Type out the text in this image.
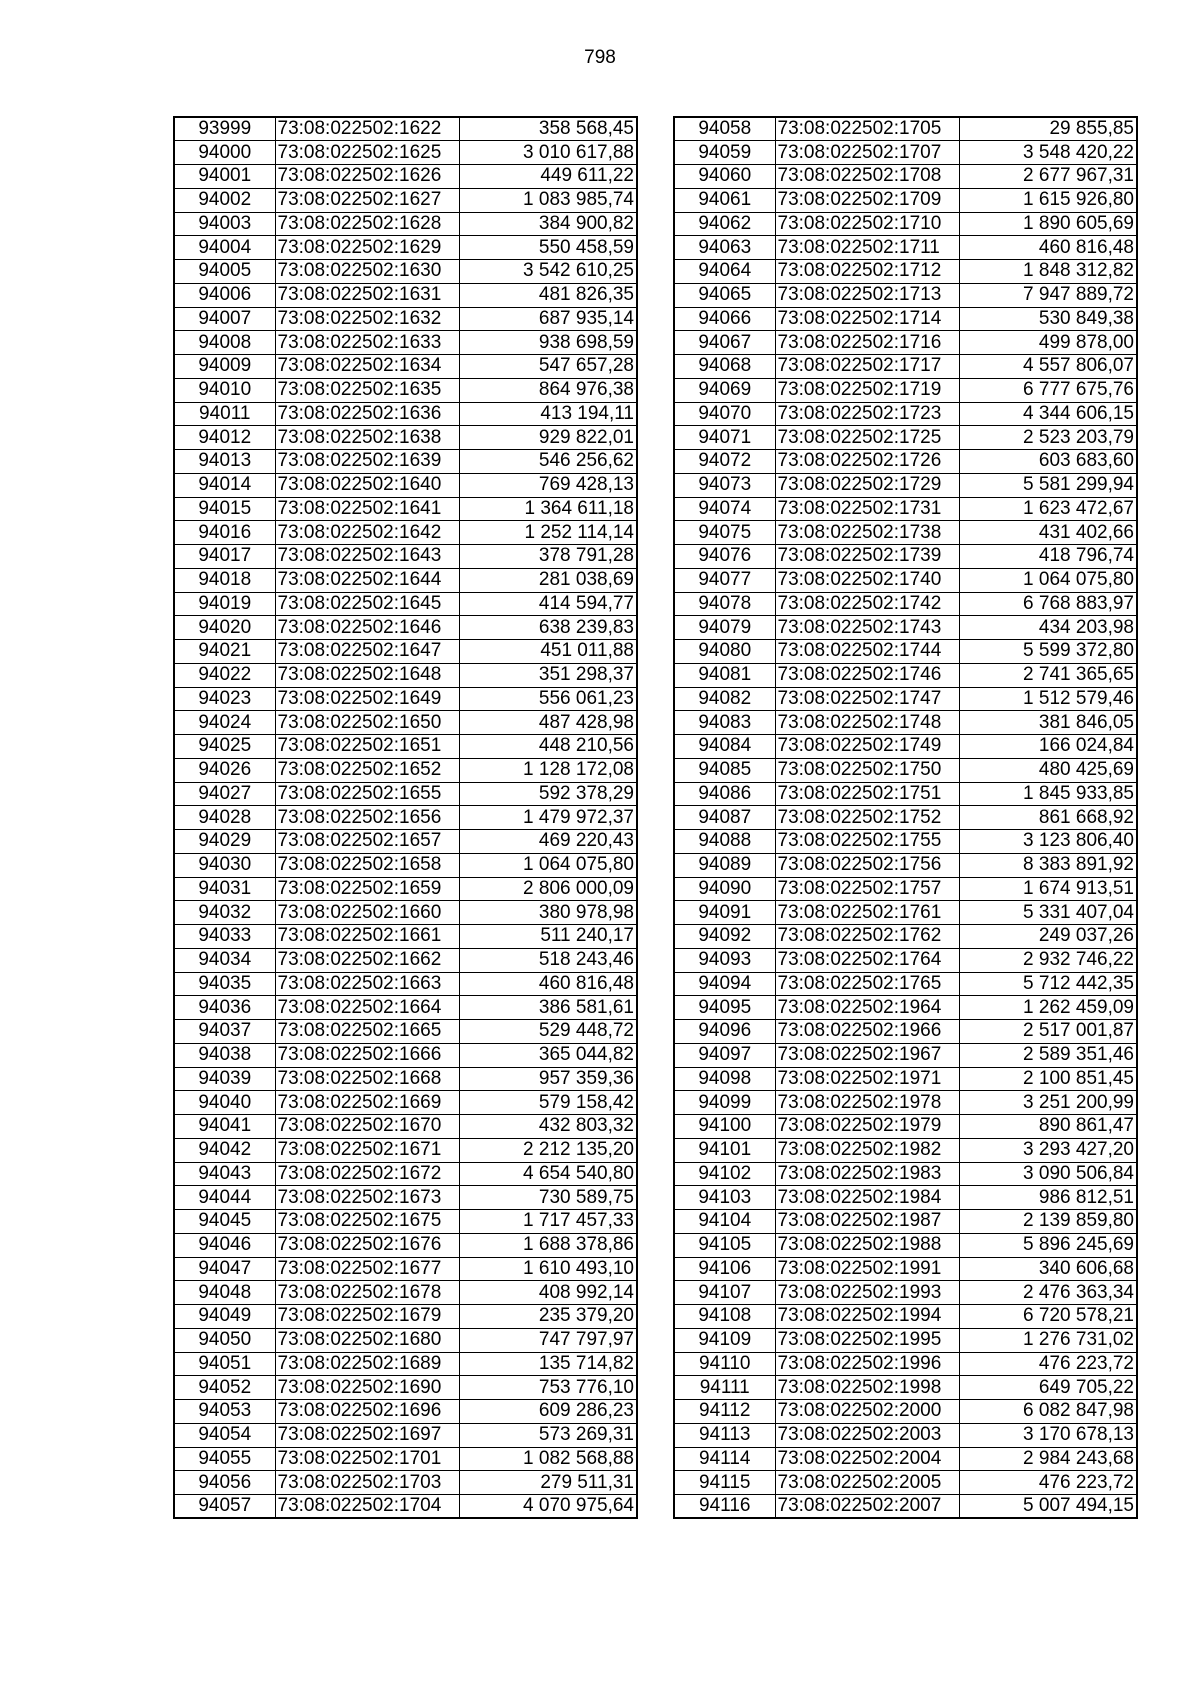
798
93999	73:08:022502:1622	358 568,45
94000	73:08:022502:1625	3 010 617,88
94001	73:08:022502:1626	449 611,22
94002	73:08:022502:1627	1 083 985,74
94003	73:08:022502:1628	384 900,82
94004	73:08:022502:1629	550 458,59
94005	73:08:022502:1630	3 542 610,25
94006	73:08:022502:1631	481 826,35
94007	73:08:022502:1632	687 935,14
94008	73:08:022502:1633	938 698,59
94009	73:08:022502:1634	547 657,28
94010	73:08:022502:1635	864 976,38
94011	73:08:022502:1636	413 194,11
94012	73:08:022502:1638	929 822,01
94013	73:08:022502:1639	546 256,62
94014	73:08:022502:1640	769 428,13
94015	73:08:022502:1641	1 364 611,18
94016	73:08:022502:1642	1 252 114,14
94017	73:08:022502:1643	378 791,28
94018	73:08:022502:1644	281 038,69
94019	73:08:022502:1645	414 594,77
94020	73:08:022502:1646	638 239,83
94021	73:08:022502:1647	451 011,88
94022	73:08:022502:1648	351 298,37
94023	73:08:022502:1649	556 061,23
94024	73:08:022502:1650	487 428,98
94025	73:08:022502:1651	448 210,56
94026	73:08:022502:1652	1 128 172,08
94027	73:08:022502:1655	592 378,29
94028	73:08:022502:1656	1 479 972,37
94029	73:08:022502:1657	469 220,43
94030	73:08:022502:1658	1 064 075,80
94031	73:08:022502:1659	2 806 000,09
94032	73:08:022502:1660	380 978,98
94033	73:08:022502:1661	511 240,17
94034	73:08:022502:1662	518 243,46
94035	73:08:022502:1663	460 816,48
94036	73:08:022502:1664	386 581,61
94037	73:08:022502:1665	529 448,72
94038	73:08:022502:1666	365 044,82
94039	73:08:022502:1668	957 359,36
94040	73:08:022502:1669	579 158,42
94041	73:08:022502:1670	432 803,32
94042	73:08:022502:1671	2 212 135,20
94043	73:08:022502:1672	4 654 540,80
94044	73:08:022502:1673	730 589,75
94045	73:08:022502:1675	1 717 457,33
94046	73:08:022502:1676	1 688 378,86
94047	73:08:022502:1677	1 610 493,10
94048	73:08:022502:1678	408 992,14
94049	73:08:022502:1679	235 379,20
94050	73:08:022502:1680	747 797,97
94051	73:08:022502:1689	135 714,82
94052	73:08:022502:1690	753 776,10
94053	73:08:022502:1696	609 286,23
94054	73:08:022502:1697	573 269,31
94055	73:08:022502:1701	1 082 568,88
94056	73:08:022502:1703	279 511,31
94057	73:08:022502:1704	4 070 975,64
94058	73:08:022502:1705	29 855,85
94059	73:08:022502:1707	3 548 420,22
94060	73:08:022502:1708	2 677 967,31
94061	73:08:022502:1709	1 615 926,80
94062	73:08:022502:1710	1 890 605,69
94063	73:08:022502:1711	460 816,48
94064	73:08:022502:1712	1 848 312,82
94065	73:08:022502:1713	7 947 889,72
94066	73:08:022502:1714	530 849,38
94067	73:08:022502:1716	499 878,00
94068	73:08:022502:1717	4 557 806,07
94069	73:08:022502:1719	6 777 675,76
94070	73:08:022502:1723	4 344 606,15
94071	73:08:022502:1725	2 523 203,79
94072	73:08:022502:1726	603 683,60
94073	73:08:022502:1729	5 581 299,94
94074	73:08:022502:1731	1 623 472,67
94075	73:08:022502:1738	431 402,66
94076	73:08:022502:1739	418 796,74
94077	73:08:022502:1740	1 064 075,80
94078	73:08:022502:1742	6 768 883,97
94079	73:08:022502:1743	434 203,98
94080	73:08:022502:1744	5 599 372,80
94081	73:08:022502:1746	2 741 365,65
94082	73:08:022502:1747	1 512 579,46
94083	73:08:022502:1748	381 846,05
94084	73:08:022502:1749	166 024,84
94085	73:08:022502:1750	480 425,69
94086	73:08:022502:1751	1 845 933,85
94087	73:08:022502:1752	861 668,92
94088	73:08:022502:1755	3 123 806,40
94089	73:08:022502:1756	8 383 891,92
94090	73:08:022502:1757	1 674 913,51
94091	73:08:022502:1761	5 331 407,04
94092	73:08:022502:1762	249 037,26
94093	73:08:022502:1764	2 932 746,22
94094	73:08:022502:1765	5 712 442,35
94095	73:08:022502:1964	1 262 459,09
94096	73:08:022502:1966	2 517 001,87
94097	73:08:022502:1967	2 589 351,46
94098	73:08:022502:1971	2 100 851,45
94099	73:08:022502:1978	3 251 200,99
94100	73:08:022502:1979	890 861,47
94101	73:08:022502:1982	3 293 427,20
94102	73:08:022502:1983	3 090 506,84
94103	73:08:022502:1984	986 812,51
94104	73:08:022502:1987	2 139 859,80
94105	73:08:022502:1988	5 896 245,69
94106	73:08:022502:1991	340 606,68
94107	73:08:022502:1993	2 476 363,34
94108	73:08:022502:1994	6 720 578,21
94109	73:08:022502:1995	1 276 731,02
94110	73:08:022502:1996	476 223,72
94111	73:08:022502:1998	649 705,22
94112	73:08:022502:2000	6 082 847,98
94113	73:08:022502:2003	3 170 678,13
94114	73:08:022502:2004	2 984 243,68
94115	73:08:022502:2005	476 223,72
94116	73:08:022502:2007	5 007 494,15
